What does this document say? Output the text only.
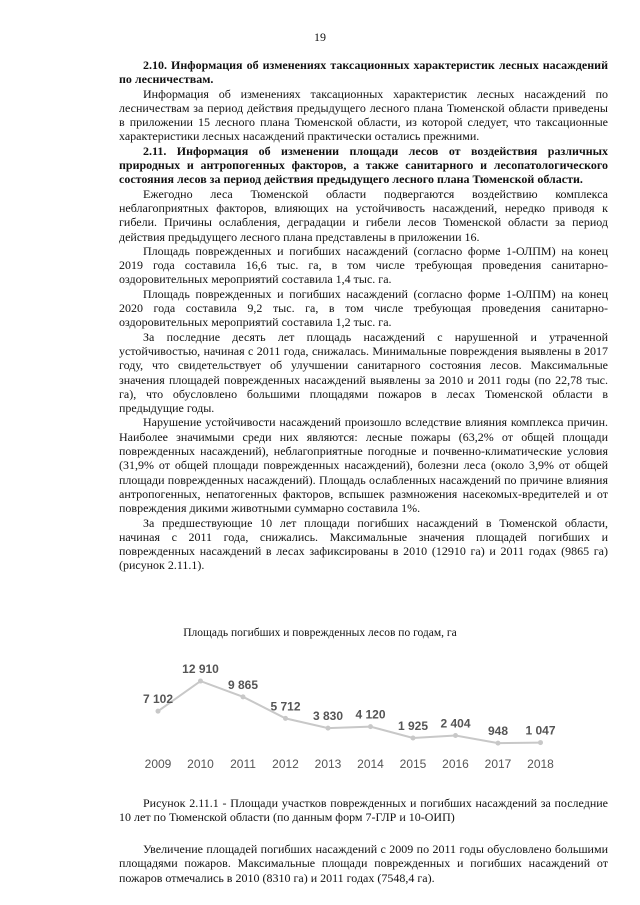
19

2.10. Информация об изменениях таксационных характеристик лесных насаждений по лесничествам.

Информация об изменениях таксационных характеристик лесных насаждений по лесничествам за период действия предыдущего лесного плана Тюменской области приведены в приложении 15 лесного плана Тюменской области, из которой следует, что таксационные характеристики лесных насаждений практически остались прежними.

2.11. Информация об изменении площади лесов от воздействия различных природных и антропогенных факторов, а также санитарного и лесопатологического состояния лесов за период действия предыдущего лесного плана Тюменской области.

Ежегодно леса Тюменской области подвергаются воздействию комплекса неблагоприятных факторов, влияющих на устойчивость насаждений, нередко приводя к гибели. Причины ослабления, деградации и гибели лесов Тюменской области за период действия предыдущего лесного плана представлены в приложении 16.

Площадь поврежденных и погибших насаждений (согласно форме 1-ОЛПМ) на конец 2019 года составила 16,6 тыс. га, в том числе требующая проведения санитарно-оздоровительных мероприятий составила 1,4 тыс. га.

Площадь поврежденных и погибших насаждений (согласно форме 1-ОЛПМ) на конец 2020 года составила 9,2 тыс. га, в том числе требующая проведения санитарно-оздоровительных мероприятий составила 1,2 тыс. га.

За последние десять лет площадь насаждений с нарушенной и утраченной устойчивостью, начиная с 2011 года, снижалась. Минимальные повреждения выявлены в 2017 году, что свидетельствует об улучшении санитарного состояния лесов. Максимальные значения площадей поврежденных насаждений выявлены за 2010 и 2011 годы (по 22,78 тыс. га), что обусловлено большими площадями пожаров в лесах Тюменской области в предыдущие годы.

Нарушение устойчивости насаждений произошло вследствие влияния комплекса причин. Наиболее значимыми среди них являются: лесные пожары (63,2% от общей площади поврежденных насаждений), неблагоприятные погодные и почвенно-климатические условия (31,9% от общей площади поврежденных насаждений), болезни леса (около 3,9% от общей площади поврежденных насаждений). Площадь ослабленных насаждений по причине влияния антропогенных, непатогенных факторов, вспышек размножения насекомых-вредителей и от повреждения дикими животными суммарно составила 1%.

За предшествующие 10 лет площади погибших насаждений в Тюменской области, начиная с 2011 года, снижались. Максимальные значения площадей погибших и поврежденных насаждений в лесах зафиксированы в 2010 (12910 га) и 2011 годах (9865 га) (рисунок 2.11.1).

Площадь погибших и поврежденных лесов по годам, га
7 102
2009
12 910
2010
9 865
2011
5 712
2012
3 830
2013
4 120
2014
1 925
2015
2 404
2016
948
2017
1 047
2018

Рисунок 2.11.1 - Площади участков поврежденных и погибших насаждений за последние 10 лет по Тюменской области (по данным форм 7-ГЛР и 10-ОИП)

Увеличение площадей погибших насаждений с 2009 по 2011 годы обусловлено большими площадями пожаров. Максимальные площади поврежденных и погибших насаждений от пожаров отмечались в 2010 (8310 га) и 2011 годах (7548,4 га).
